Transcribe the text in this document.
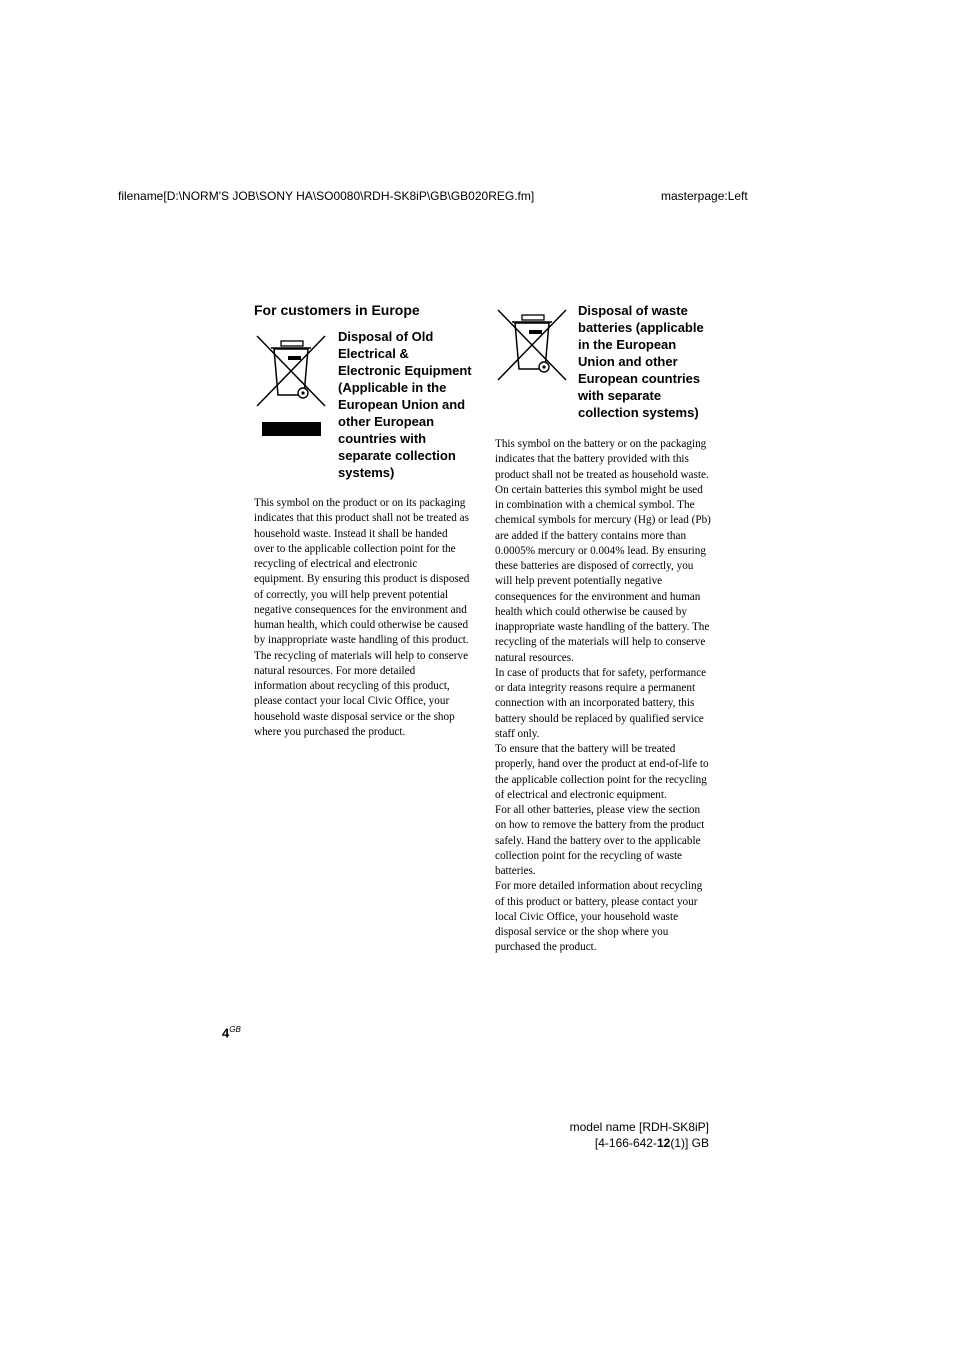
filename[D:\NORM'S JOB\SONY HA\SO0080\RDH-SK8iP\GB\GB020REG.fm]	masterpage:Left
For customers in Europe
Disposal of Old Electrical & Electronic Equipment (Applicable in the European Union and other European countries with separate collection systems)

This symbol on the product or on its packaging indicates that this product shall not be treated as household waste. Instead it shall be handed over to the applicable collection point for the recycling of electrical and electronic equipment. By ensuring this product is disposed of correctly, you will help prevent potential negative consequences for the environment and human health, which could otherwise be caused by inappropriate waste handling of this product. The recycling of materials will help to conserve natural resources. For more detailed information about recycling of this product, please contact your local Civic Office, your household waste disposal service or the shop where you purchased the product.

Disposal of waste batteries (applicable in the European Union and other European countries with separate collection systems)

This symbol on the battery or on the packaging indicates that the battery provided with this product shall not be treated as household waste.

On certain batteries this symbol might be used in combination with a chemical symbol. The chemical symbols for mercury (Hg) or lead (Pb) are added if the battery contains more than 0.0005% mercury or 0.004% lead. By ensuring these batteries are disposed of correctly, you will help prevent potentially negative consequences for the environment and human health which could otherwise be caused by inappropriate waste handling of the battery. The recycling of the materials will help to conserve natural resources.

In case of products that for safety, performance or data integrity reasons require a permanent connection with an incorporated battery, this battery should be replaced by qualified service staff only.

To ensure that the battery will be treated properly, hand over the product at end-of-life to the applicable collection point for the recycling of electrical and electronic equipment.

For all other batteries, please view the section on how to remove the battery from the product safely. Hand the battery over to the applicable collection point for the recycling of waste batteries.

For more detailed information about recycling of this product or battery, please contact your local Civic Office, your household waste disposal service or the shop where you purchased the product.

$4^{GB}$
model name [RDH-SK8iP]
[4-166-642-12(1)] GB
